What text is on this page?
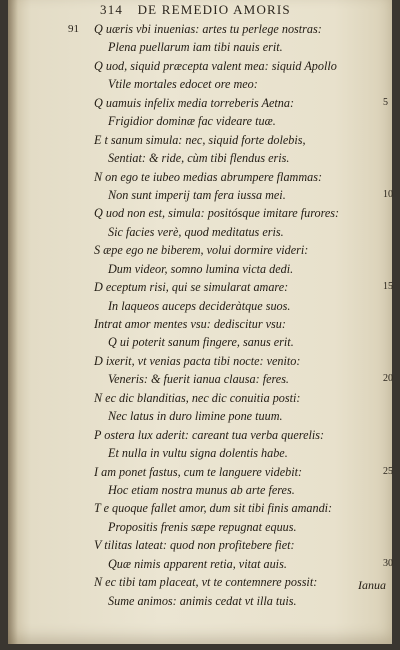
314 DE REMEDIO AMORIS
91 Q uæris vbi inuenias: artes tu perlege nostras:
Plena puellarum iam tibi nauis erit.
Q uod, siquid præcepta valent mea: siquid Apollo
Vtile mortales edocet ore meo:
Q uamuis infelix media torreberis Aetna:	5
Frigidior dominæ fac videare tuæ.
E t sanum simula: nec, siquid forte dolebis,
Sentiat: & ride, cùm tibi flendus eris.
N on ego te iubeo medias abrumpere flammas:
Non sunt imperij tam fera iussa mei.	10
Q uod non est, simula: positósque imitare furores:
Sic facies verè, quod meditatus eris.
S æpe ego ne biberem, volui dormire videri:
Dum videor, somno lumina victa dedi.
D eceptum risi, qui se simularat amare:	15
In laqueos auceps decideràtque suos.
Intrat amor mentes vsu: dediscitur vsu:
Q ui poterit sanum fingere, sanus erit.
D ixerit, vt venias pacta tibi nocte: venito:
Veneris: & fuerit ianua clausa: feres.	20
N ec dic blanditias, nec dic conuitia posti:
Nec latus in duro limine pone tuum.
P ostera lux aderit: careant tua verba querelis:
Et nulla in vultu signa dolentis habe.
I am ponet fastus, cum te languere videbit:	25
Hoc etiam nostra munus ab arte feres.
T e quoque fallet amor, dum sit tibi finis amandi:
Propositis frenis sæpe repugnat equus.
V tilitas lateat: quod non profitebere fiet:
Quæ nimis apparent retia, vitat auis.	30
N ec tibi tam placeat, vt te contemnere possit:
Sume animos: animis cedat vt illa tuis.
Ianua
